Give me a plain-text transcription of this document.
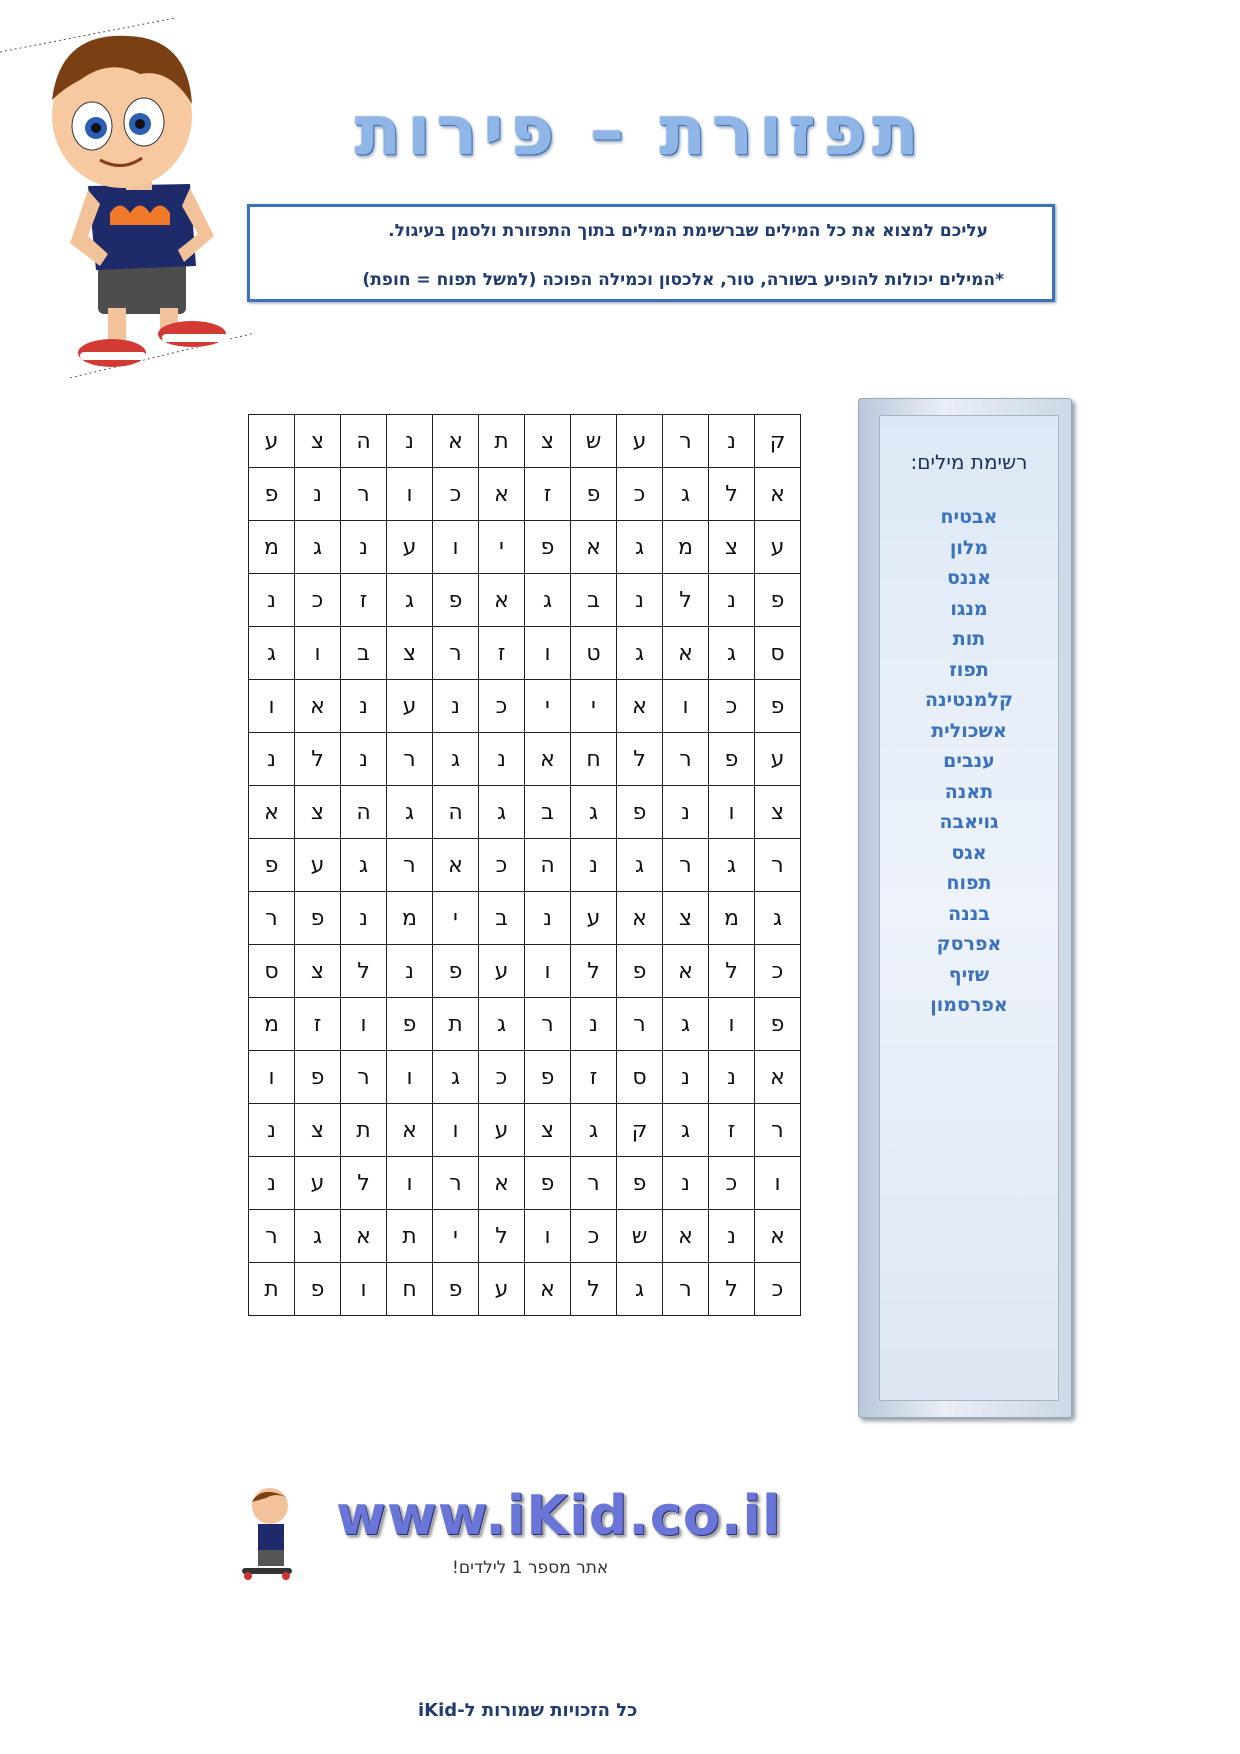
תפזורת – פירות
עליכם למצוא את כל המילים שברשימת המילים בתוך התפזורת ולסמן בעיגול.
*המילים יכולות להופיע בשורה, טור, אלכסון וכמילה הפוכה (למשל תפוח = חופת)
ק	נ	ר	ע	ש	צ	ת	א	נ	ה	צ	ע
א	ל	ג	כ	פ	ז	א	כ	ו	ר	נ	פ
ע	צ	מ	ג	א	פ	י	ו	ע	נ	ג	מ
פ	נ	ל	נ	ב	ג	א	פ	ג	ז	כ	נ
ס	ג	א	ג	ט	ו	ז	ר	צ	ב	ו	ג
פ	כ	ו	א	י	י	כ	נ	ע	נ	א	ו
ע	פ	ר	ל	ח	א	נ	ג	ר	נ	ל	נ
צ	ו	נ	פ	ג	ב	ג	ה	ג	ה	צ	א
ר	ג	ר	ג	נ	ה	כ	א	ר	ג	ע	פ
ג	מ	צ	א	ע	נ	ב	י	מ	נ	פ	ר
כ	ל	א	פ	ל	ו	ע	פ	נ	ל	צ	ס
פ	ו	ג	ר	נ	ר	ג	ת	פ	ו	ז	מ
א	נ	נ	ס	ז	פ	כ	ג	ו	ר	פ	ו
ר	ז	ג	ק	ג	צ	ע	ו	א	ת	צ	נ
ו	כ	נ	פ	ר	פ	א	ר	ו	ל	ע	נ
א	נ	א	ש	כ	ו	ל	י	ת	א	ג	ר
כ	ל	ר	ג	ל	א	ע	פ	ח	ו	פ	ת
רשימת מילים:
אבטיח
מלון
אננס
מנגו
תות
תפוז
קלמנטינה
אשכולית
ענבים
תאנה
גויאבה
אגס
תפוח
בננה
אפרסק
שזיף
אפרסמון
www.iKid.co.il
אתר מספר 1 לילדים!
כל הזכויות שמורות ל-iKid
